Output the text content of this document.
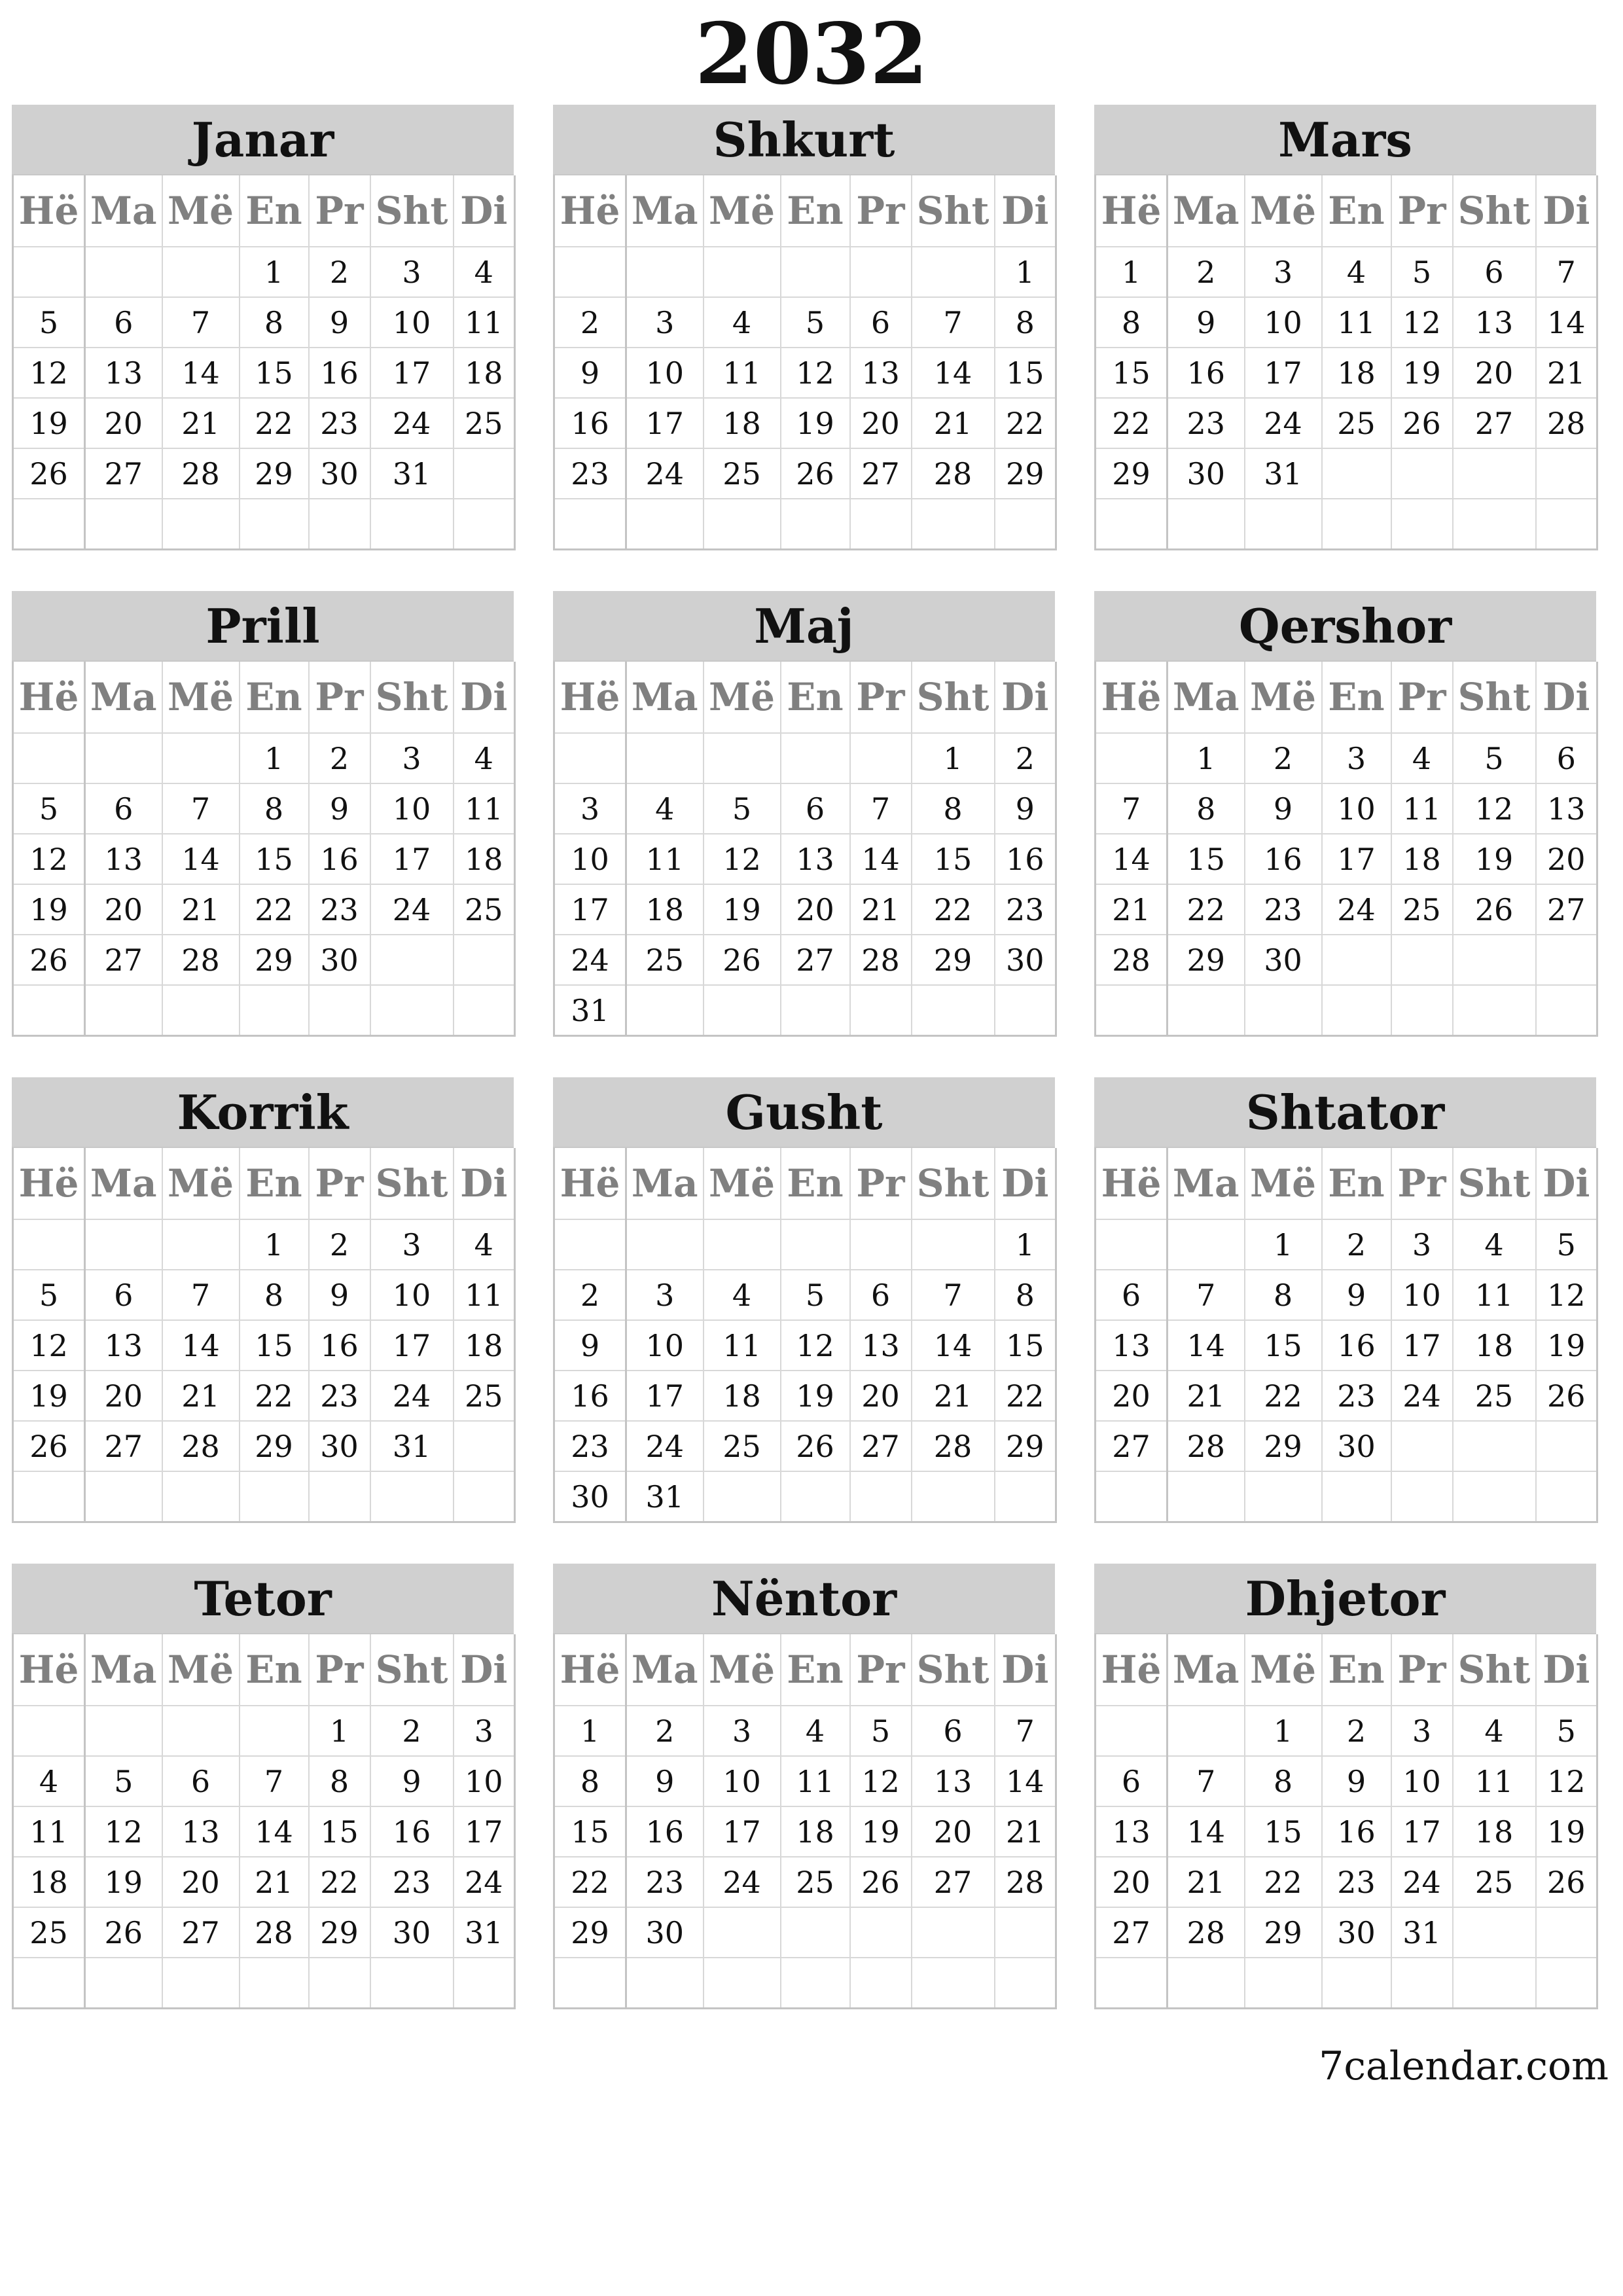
2032
Janar
Hë	Ma	Më	En	Pr	Sht	Di
			1	2	3	4
5	6	7	8	9	10	11
12	13	14	15	16	17	18
19	20	21	22	23	24	25
26	27	28	29	30	31	

Shkurt
Hë	Ma	Më	En	Pr	Sht	Di
						1
2	3	4	5	6	7	8
9	10	11	12	13	14	15
16	17	18	19	20	21	22
23	24	25	26	27	28	29

Mars
Hë	Ma	Më	En	Pr	Sht	Di
1	2	3	4	5	6	7
8	9	10	11	12	13	14
15	16	17	18	19	20	21
22	23	24	25	26	27	28
29	30	31				

Prill
Hë	Ma	Më	En	Pr	Sht	Di
			1	2	3	4
5	6	7	8	9	10	11
12	13	14	15	16	17	18
19	20	21	22	23	24	25
26	27	28	29	30		

Maj
Hë	Ma	Më	En	Pr	Sht	Di
					1	2
3	4	5	6	7	8	9
10	11	12	13	14	15	16
17	18	19	20	21	22	23
24	25	26	27	28	29	30
31						
Qershor
Hë	Ma	Më	En	Pr	Sht	Di
	1	2	3	4	5	6
7	8	9	10	11	12	13
14	15	16	17	18	19	20
21	22	23	24	25	26	27
28	29	30				

Korrik
Hë	Ma	Më	En	Pr	Sht	Di
			1	2	3	4
5	6	7	8	9	10	11
12	13	14	15	16	17	18
19	20	21	22	23	24	25
26	27	28	29	30	31	

Gusht
Hë	Ma	Më	En	Pr	Sht	Di
						1
2	3	4	5	6	7	8
9	10	11	12	13	14	15
16	17	18	19	20	21	22
23	24	25	26	27	28	29
30	31					
Shtator
Hë	Ma	Më	En	Pr	Sht	Di
		1	2	3	4	5
6	7	8	9	10	11	12
13	14	15	16	17	18	19
20	21	22	23	24	25	26
27	28	29	30			

Tetor
Hë	Ma	Më	En	Pr	Sht	Di
				1	2	3
4	5	6	7	8	9	10
11	12	13	14	15	16	17
18	19	20	21	22	23	24
25	26	27	28	29	30	31

Nëntor
Hë	Ma	Më	En	Pr	Sht	Di
1	2	3	4	5	6	7
8	9	10	11	12	13	14
15	16	17	18	19	20	21
22	23	24	25	26	27	28
29	30					

Dhjetor
Hë	Ma	Më	En	Pr	Sht	Di
		1	2	3	4	5
6	7	8	9	10	11	12
13	14	15	16	17	18	19
20	21	22	23	24	25	26
27	28	29	30	31		

7calendar.com
